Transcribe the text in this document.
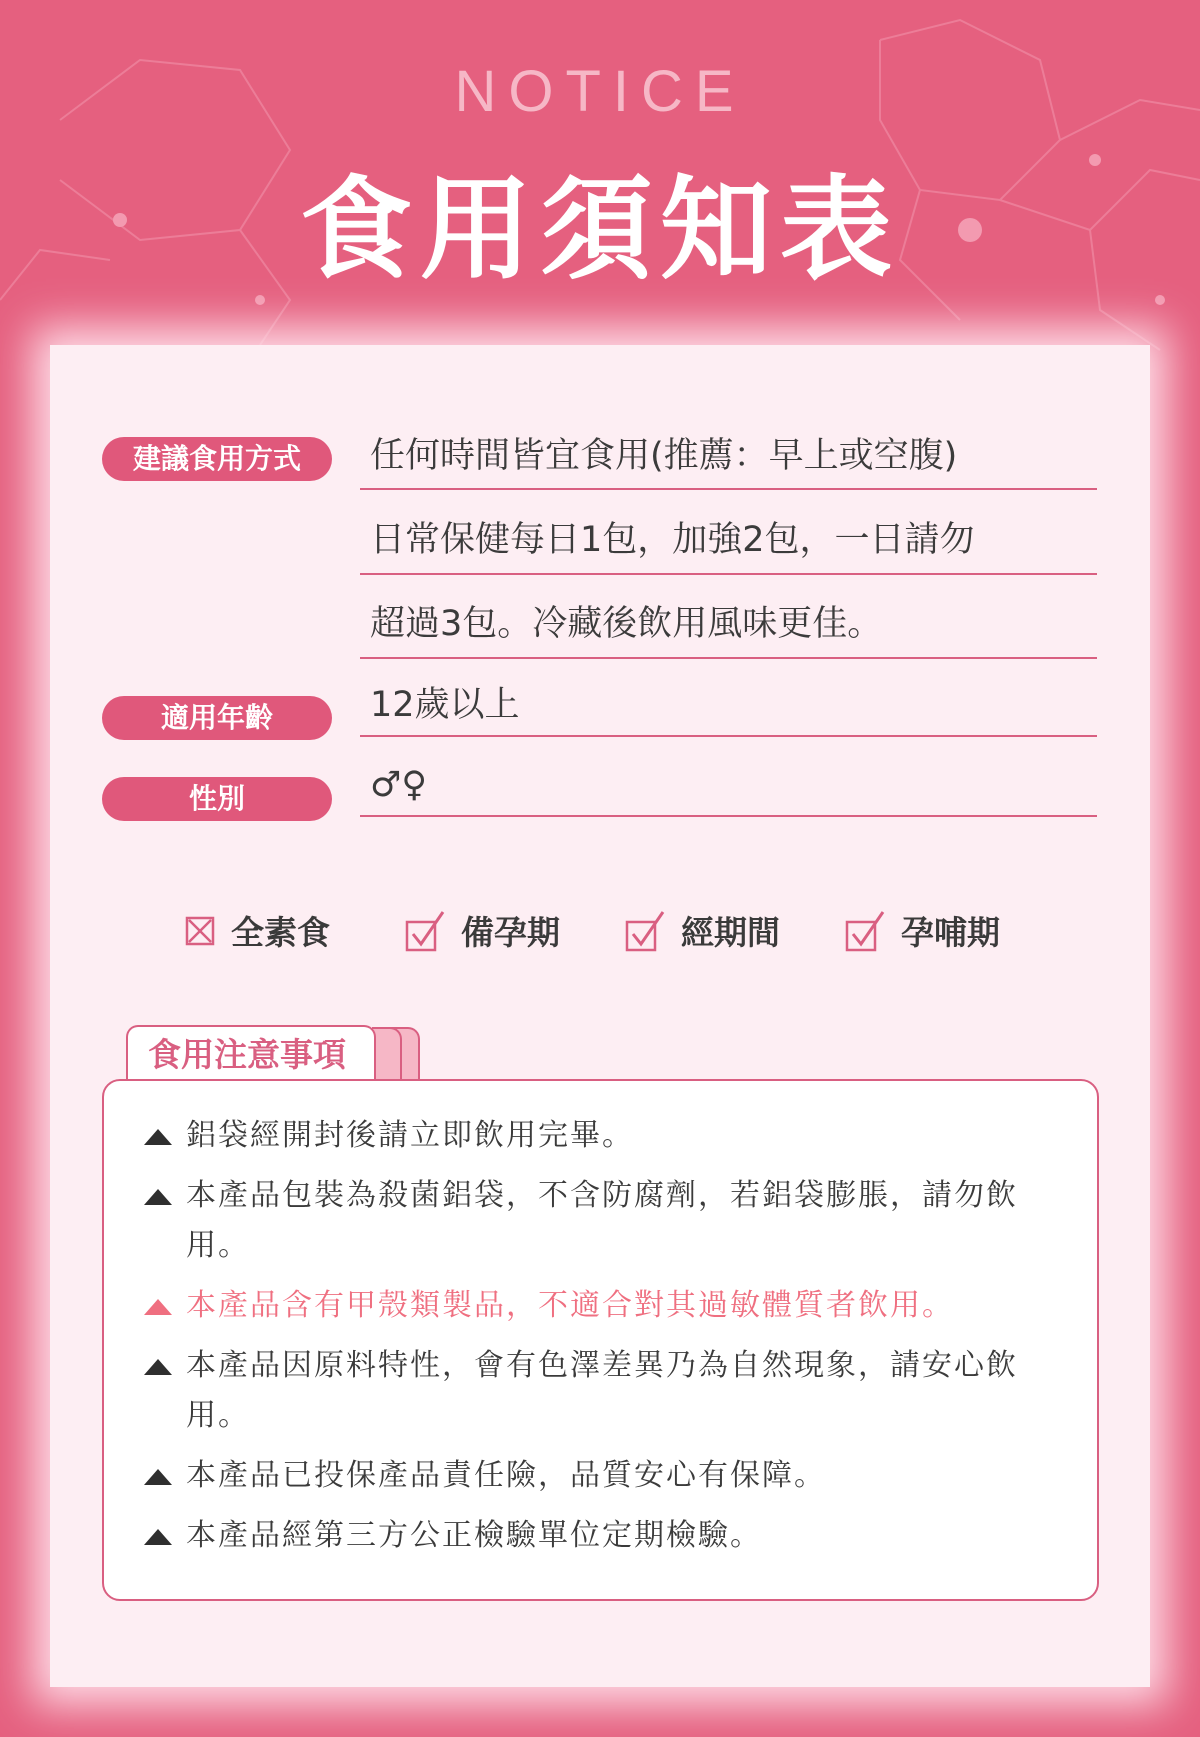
NOTICE
食用須知表
建議食用方式	任何時間皆宜食用(推薦：早上或空腹)
日常保健每日1包，加強2包，一日請勿
超過3包。冷藏後飲用風味更佳。
適用年齡	12歲以上
性別	♂♀
全素食	備孕期	經期間	孕哺期
食用注意事項
鋁袋經開封後請立即飲用完畢。
本產品包裝為殺菌鋁袋，不含防腐劑，若鋁袋膨脹，請勿飲用。
本產品含有甲殼類製品，不適合對其過敏體質者飲用。
本產品因原料特性，會有色澤差異乃為自然現象，請安心飲用。
本產品已投保產品責任險，品質安心有保障。
本產品經第三方公正檢驗單位定期檢驗。
